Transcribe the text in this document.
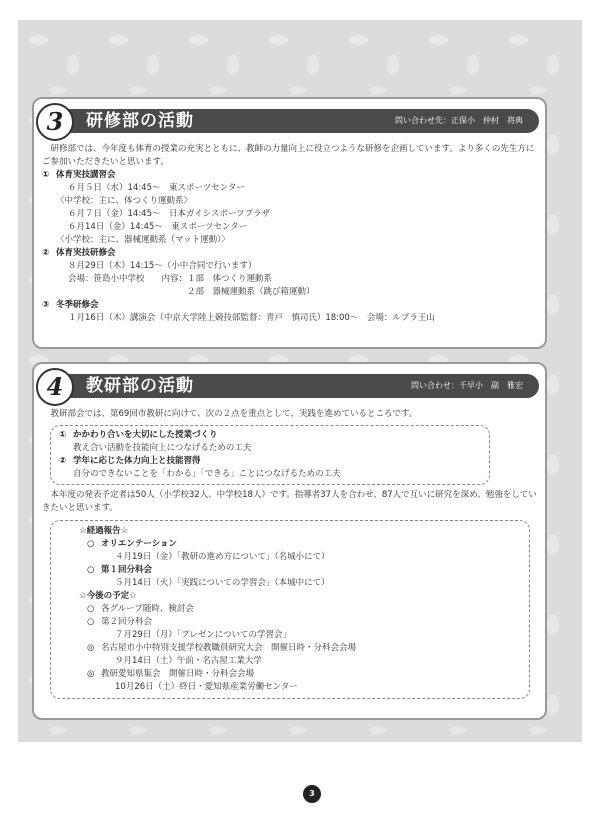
3	研修部の活動	問い合わせ先：正保小　仲村　将典

　研修部では、今年度も体育の授業の充実とともに、教師の力量向上に役立つような研修を企画しています。より多くの先生方にご参加いただきたいと思います。

① 体育実技講習会
６月５日（水）14:45～　東スポーツセンター
〈中学校：主に、体つくり運動系〉
６月７日（金）14:45～　日本ガイシスポーツプラザ
６月14日（金）14:45～　東スポーツセンター
〈小学校：主に、器械運動系（マット運動）〉
② 体育実技研修会
８月29日（木）14:15～（小中合同で行います）
会場：笹島小中学校　　内容：１部　体つくり運動系
　　　　　　　　　　　　　　２部　器械運動系（跳び箱運動）
③ 冬季研修会
１月16日（木）講演会（中京大学陸上競技部監督：青戸　慎司氏）18:00～　会場：ルブラ王山
4	教研部の活動	問い合わせ：千早小　副　雅宏

　教研部会では、第69回市教研に向けて、次の２点を重点として、実践を進めているところです。

① かかわり合いを大切にした授業づくり
教え合い活動を技能向上につなげるための工夫
② 学年に応じた体力向上と技能習得
自分のできないことを「わかる」「できる」ことにつなげるための工夫

　本年度の発表予定者は50人（小学校32人、中学校18人）です。指導者37人を合わせ、87人で互いに研究を深め、勉強をしていきたいと思います。

☆経過報告☆
○ オリエンテーション
４月19日（金）「教研の進め方について」（名城小にて）
○ 第１回分科会
５月14日（火）「実践についての学習会」（本城中にて）
☆今後の予定☆
○ 各グループ随時、検討会
○ 第２回分科会
７月29日（月）「プレゼンについての学習会」
◎ 名古屋市小中特別支援学校教職員研究大会　開催日時・分科会会場
９月14日（土）午前・名古屋工業大学
◎ 教研愛知県集会　開催日時・分科会会場
10月26日（土）終日・愛知県産業労働センター
3
